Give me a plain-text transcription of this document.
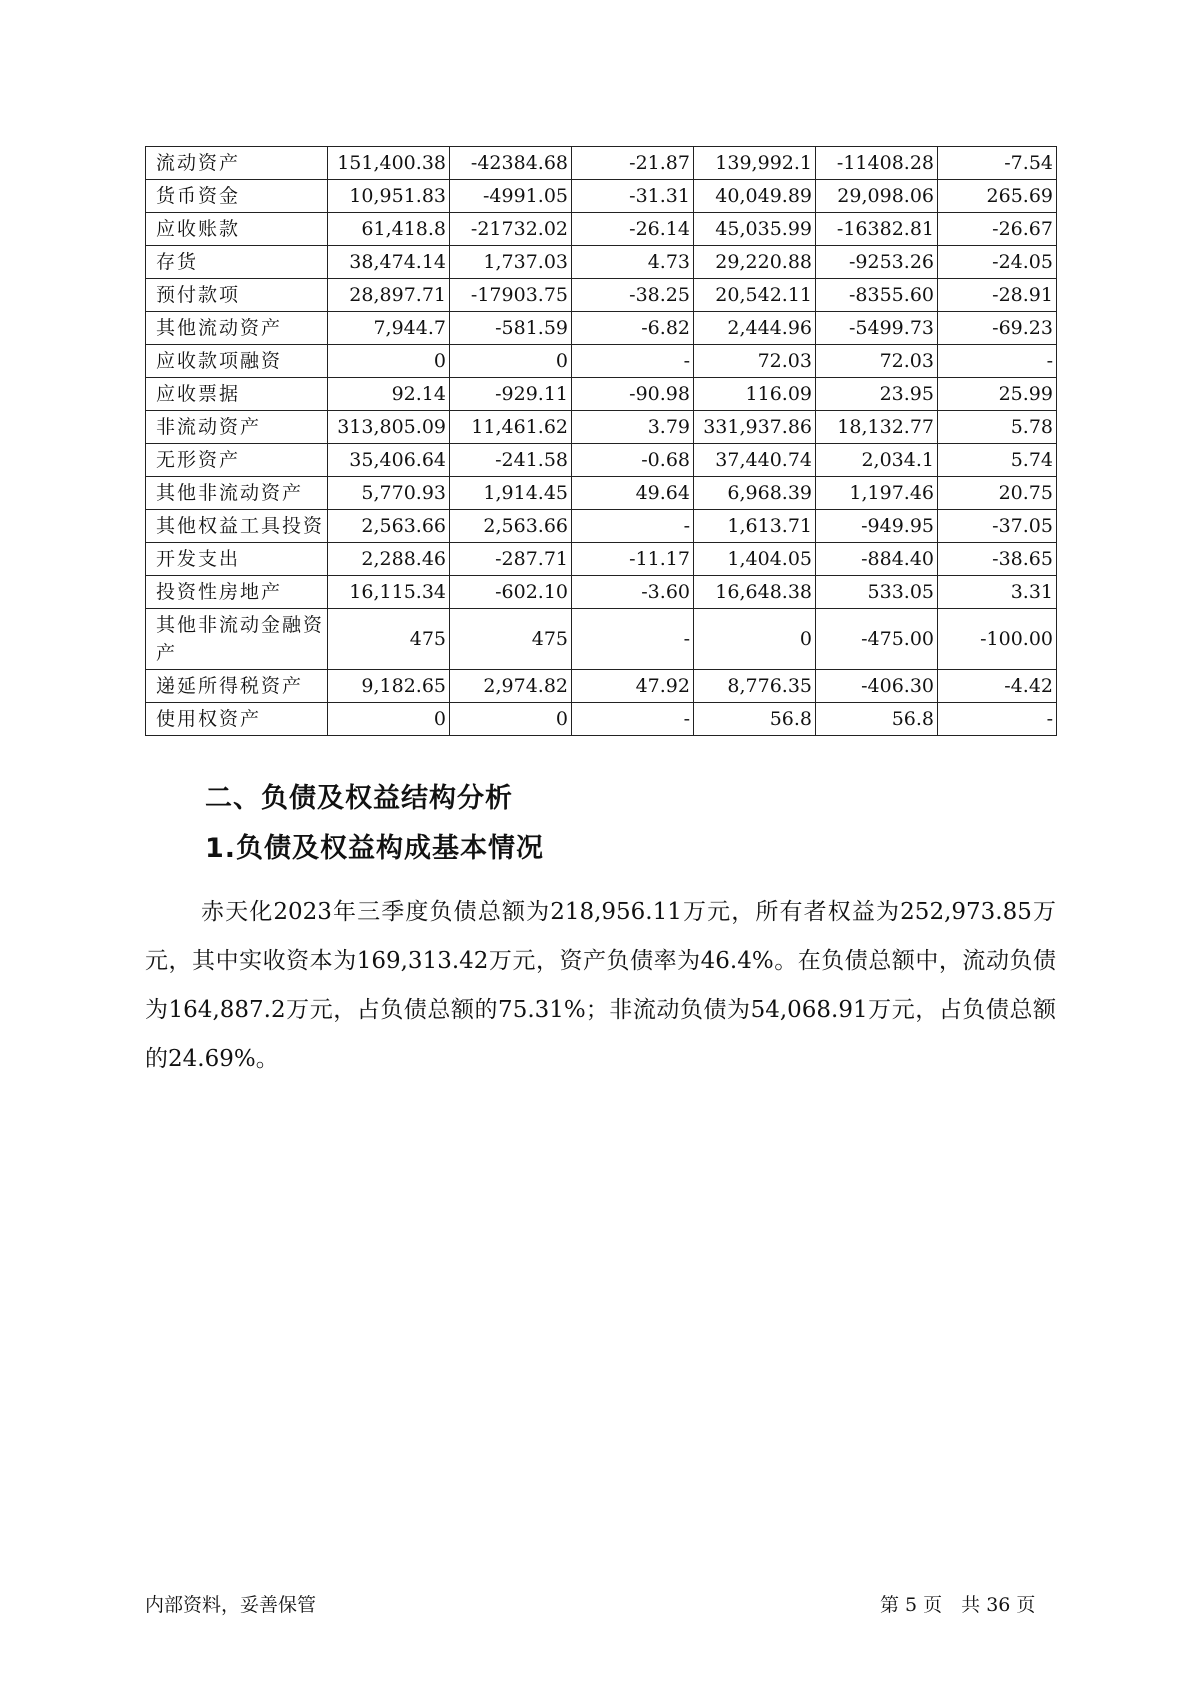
流动资产	151,400.38	-42384.68	-21.87	139,992.1	-11408.28	-7.54
货币资金	10,951.83	-4991.05	-31.31	40,049.89	29,098.06	265.69
应收账款	61,418.8	-21732.02	-26.14	45,035.99	-16382.81	-26.67
存货	38,474.14	1,737.03	4.73	29,220.88	-9253.26	-24.05
预付款项	28,897.71	-17903.75	-38.25	20,542.11	-8355.60	-28.91
其他流动资产	7,944.7	-581.59	-6.82	2,444.96	-5499.73	-69.23
应收款项融资	0	0	-	72.03	72.03	-
应收票据	92.14	-929.11	-90.98	116.09	23.95	25.99
非流动资产	313,805.09	11,461.62	3.79	331,937.86	18,132.77	5.78
无形资产	35,406.64	-241.58	-0.68	37,440.74	2,034.1	5.74
其他非流动资产	5,770.93	1,914.45	49.64	6,968.39	1,197.46	20.75
其他权益工具投资	2,563.66	2,563.66	-	1,613.71	-949.95	-37.05
开发支出	2,288.46	-287.71	-11.17	1,404.05	-884.40	-38.65
投资性房地产	16,115.34	-602.10	-3.60	16,648.38	533.05	3.31
其他非流动金融资产	475	475	-	0	-475.00	-100.00
递延所得税资产	9,182.65	2,974.82	47.92	8,776.35	-406.30	-4.42
使用权资产	0	0	-	56.8	56.8	-
二、负债及权益结构分析
1.负债及权益构成基本情况

赤天化2023年三季度负债总额为218,956.11万元，所有者权益为252,973.85万元，其中实收资本为169,313.42万元，资产负债率为46.4%。在负债总额中，流动负债为164,887.2万元，占负债总额的75.31%；非流动负债为54,068.91万元，占负债总额的24.69%。

内部资料，妥善保管	第 5 页　共 36 页
